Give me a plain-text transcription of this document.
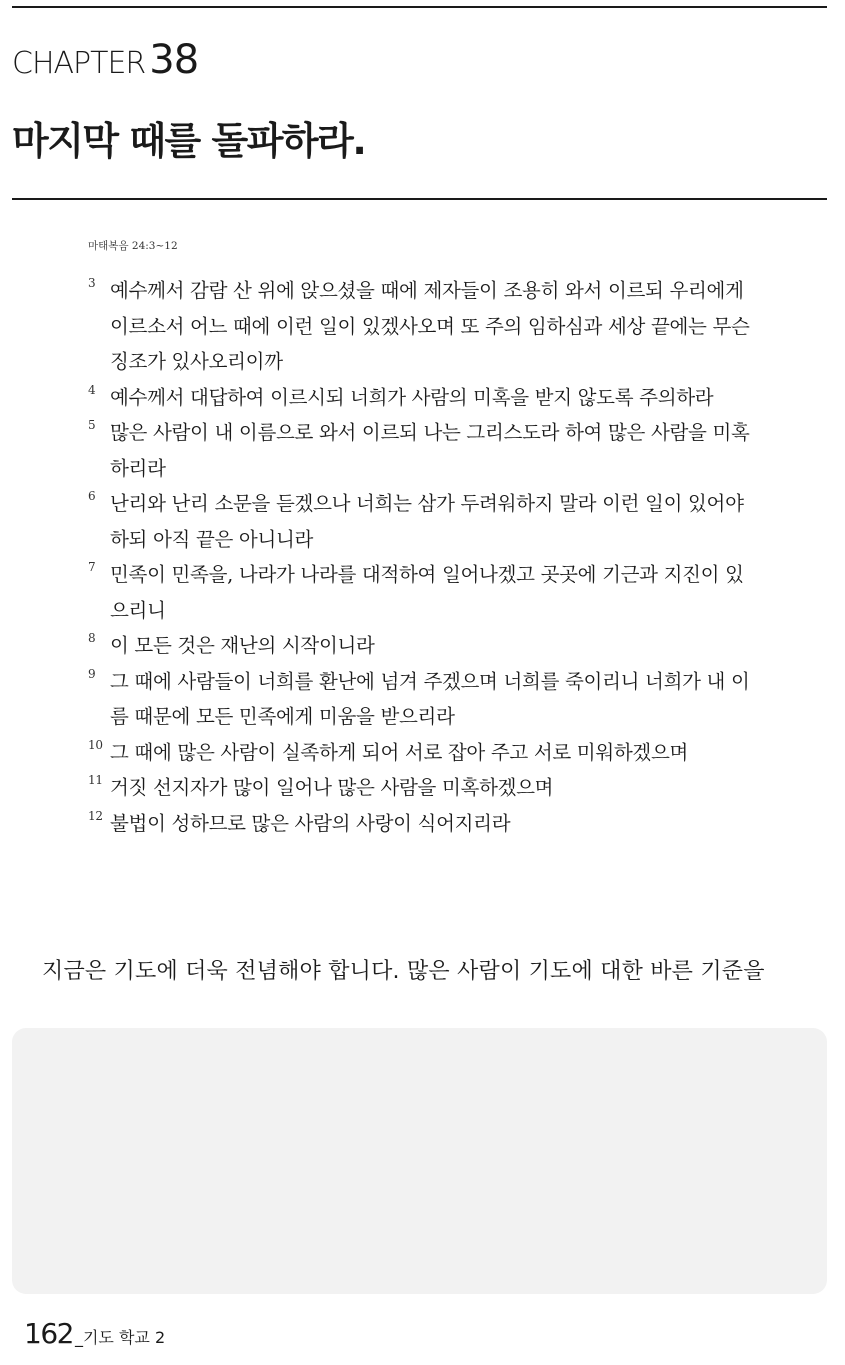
CHAPTER 38
마지막 때를 돌파하라.
마태복음 24:3~12
3 예수께서 감람 산 위에 앉으셨을 때에 제자들이 조용히 와서 이르되 우리에게 이르소서 어느 때에 이런 일이 있겠사오며 또 주의 임하심과 세상 끝에는 무슨 징조가 있사오리이까
4 예수께서 대답하여 이르시되 너희가 사람의 미혹을 받지 않도록 주의하라
5 많은 사람이 내 이름으로 와서 이르되 나는 그리스도라 하여 많은 사람을 미혹하리라
6 난리와 난리 소문을 듣겠으나 너희는 삼가 두려워하지 말라 이런 일이 있어야 하되 아직 끝은 아니니라
7 민족이 민족을, 나라가 나라를 대적하여 일어나겠고 곳곳에 기근과 지진이 있으리니
8 이 모든 것은 재난의 시작이니라
9 그 때에 사람들이 너희를 환난에 넘겨 주겠으며 너희를 죽이리니 너희가 내 이름 때문에 모든 민족에게 미움을 받으리라
10 그 때에 많은 사람이 실족하게 되어 서로 잡아 주고 서로 미워하겠으며
11 거짓 선지자가 많이 일어나 많은 사람을 미혹하겠으며
12 불법이 성하므로 많은 사람의 사랑이 식어지리라
지금은 기도에 더욱 전념해야 합니다. 많은 사람이 기도에 대한 바른 기준을
162 _기도 학교 2
